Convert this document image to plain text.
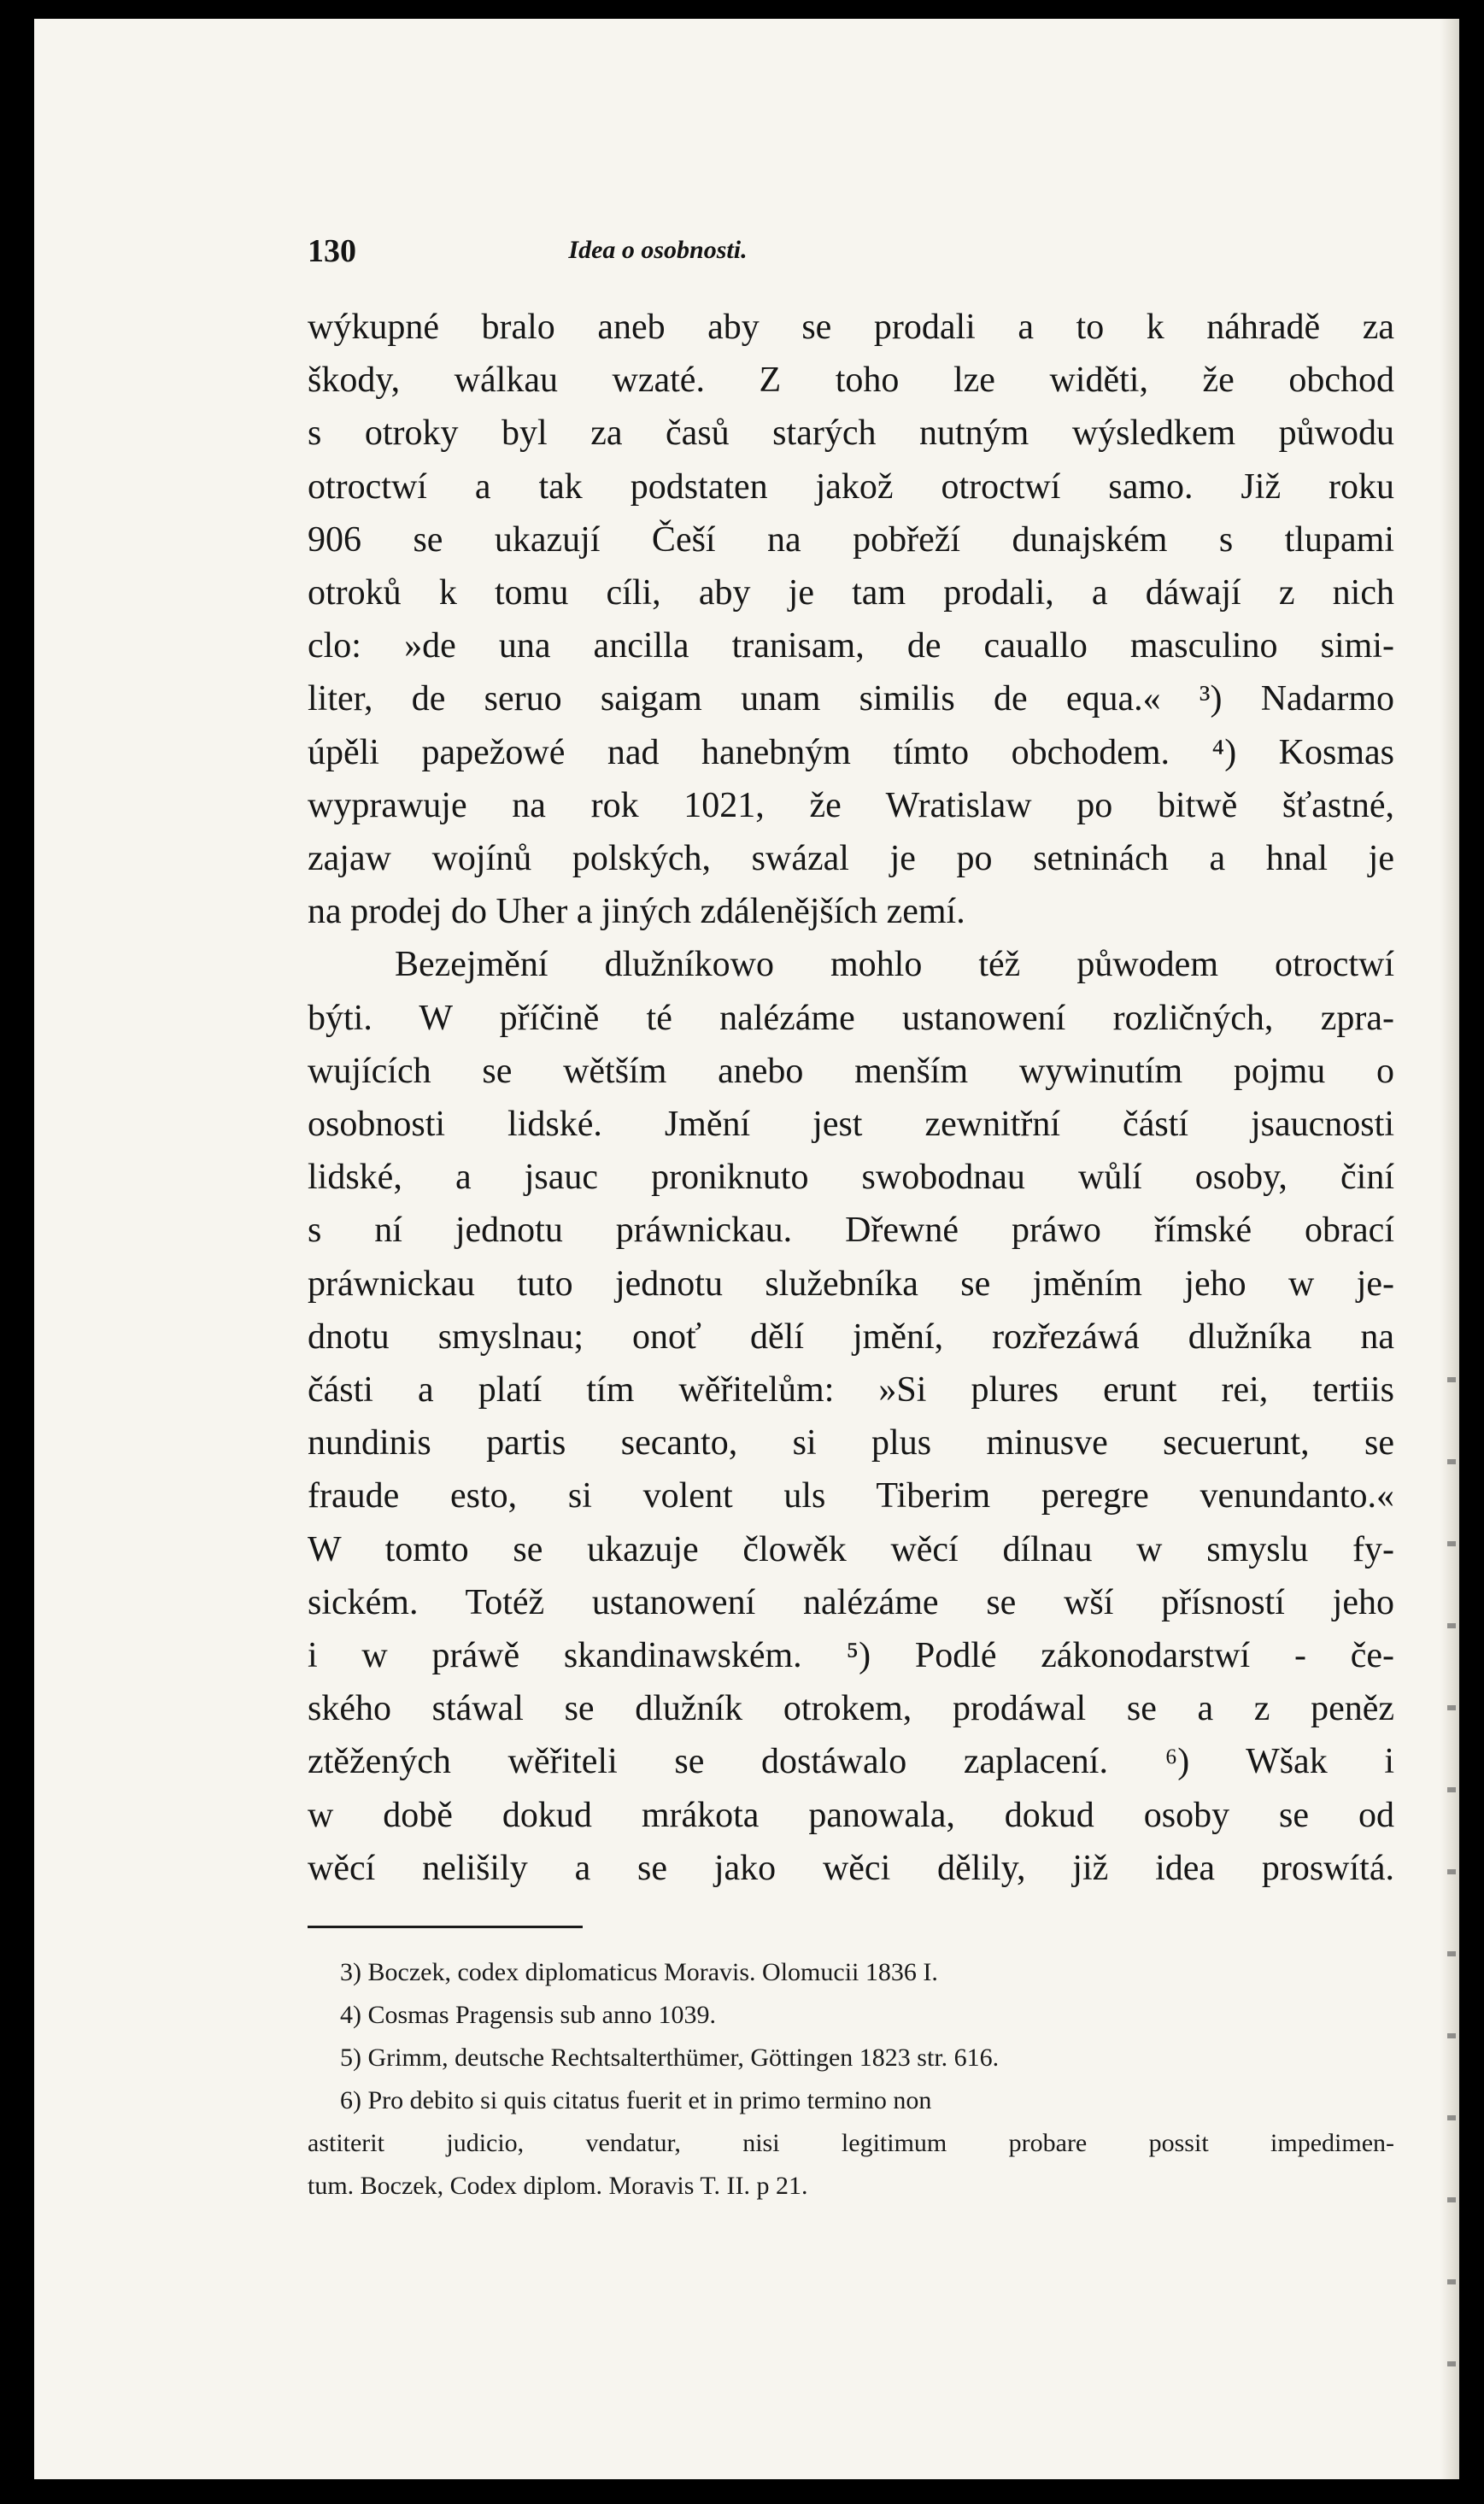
130	Idea o osobnosti.
wýkupné bralo aneb aby se prodali a to k náhradě za
škody, wálkau wzaté. Z toho lze widěti, že obchod
s otroky byl za časů starých nutným wýsledkem půwodu
otroctwí a tak podstaten jakož otroctwí samo. Již roku
906 se ukazují Češí na pobřeží dunajském s tlupami
otroků k tomu cíli, aby je tam prodali, a dáwají z nich
clo: »de una ancilla tranisam, de cauallo masculino simi-
liter, de seruo saigam unam similis de equa.« ³) Nadarmo
úpěli papežowé nad hanebným tímto obchodem. ⁴) Kosmas
wyprawuje na rok 1021, že Wratislaw po bitwě šťastné,
zajaw wojínů polských, swázal je po setninách a hnal je
na prodej do Uher a jiných zdálenějších zemí.
Bezejmění dlužníkowo mohlo též půwodem otroctwí
býti. W příčině té nalézáme ustanowení rozličných, zpra-
wujících se wětším anebo menším wywinutím pojmu o
osobnosti lidské. Jmění jest zewnitřní částí jsaucnosti
lidské, a jsauc proniknuto swobodnau wůlí osoby, činí
s ní jednotu práwnickau. Dřewné práwo římské obrací
práwnickau tuto jednotu služebníka se jměním jeho w je-
dnotu smyslnau; onoť dělí jmění, rozřezáwá dlužníka na
části a platí tím wěřitelům: »Si plures erunt rei, tertiis
nundinis partis secanto, si plus minusve secuerunt, se
fraude esto, si volent uls Tiberim peregre venundanto.«
W tomto se ukazuje člowěk wěcí dílnau w smyslu fy-
sickém. Totéž ustanowení nalézáme se wší přísností jeho
i w práwě skandinawském. ⁵) Podlé zákonodarstwí - če-
ského stáwal se dlužník otrokem, prodáwal se a z peněz
ztěžených wěřiteli se dostáwalo zaplacení. ⁶) Wšak i
w době dokud mrákota panowala, dokud osoby se od
wěcí nelišily a se jako wěci dělily, již idea proswítá.
3) Boczek, codex diplomaticus Moravis. Olomucii 1836 I.
4) Cosmas Pragensis sub anno 1039.
5) Grimm, deutsche Rechtsalterthümer, Göttingen 1823 str. 616.
6) Pro debito si quis citatus fuerit et in primo termino non
astiterit judicio, vendatur, nisi legitimum probare possit impedimen-
tum. Boczek, Codex diplom. Moravis T. II. p 21.
